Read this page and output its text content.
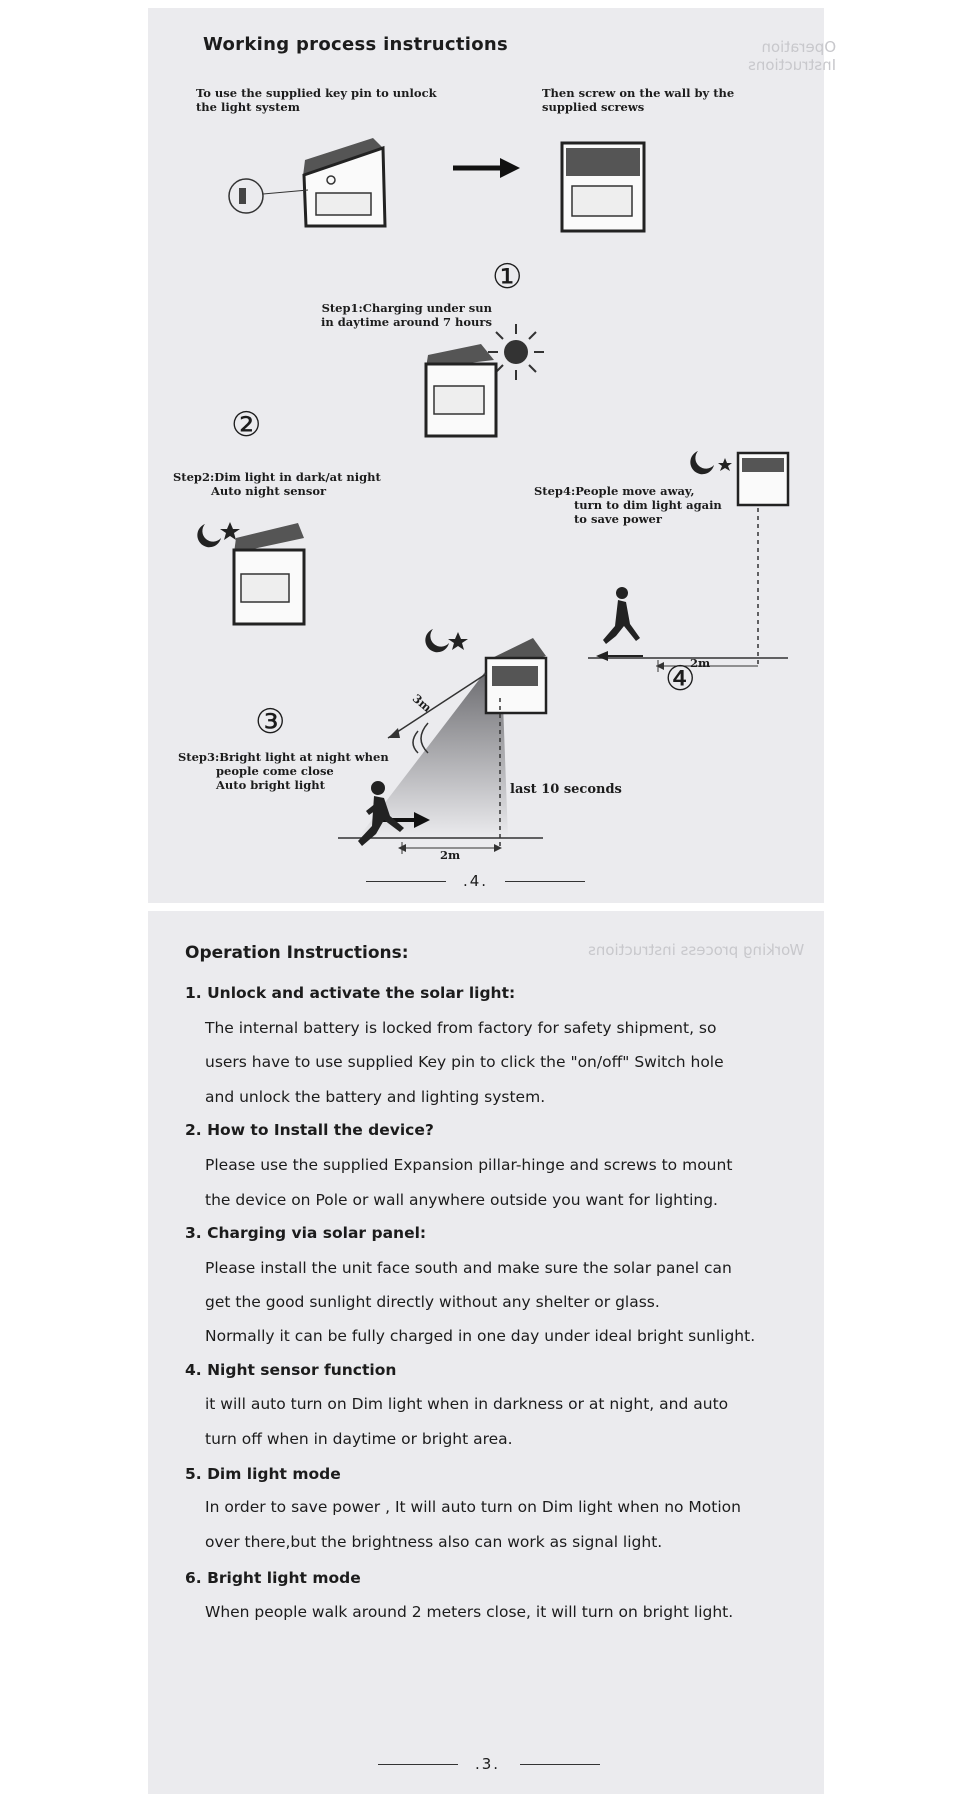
Operation Instructions
Working process instructions
To use the supplied key pin to unlock
the light system
Then screw on the wall by the
supplied screws
①
Step1:Charging under sun
in daytime around 7 hours
②
Step2:Dim light in dark/at night
Auto night sensor	Step4:People move away,
turn to dim light again
to save power
④
③
Step3:Bright light at night when
people come close
Auto bright light
3m
2m
2m
last 10 seconds
.4.
Working process instructions
Operation Instructions:
1. Unlock and activate the solar light:
The internal battery is locked from factory for safety shipment, so
users have to use supplied Key pin to click the "on/off" Switch hole
and unlock the battery and lighting system.
2. How to Install the device?
Please use the supplied Expansion pillar-hinge and screws to mount
the device on Pole or wall anywhere outside you want for lighting.
3. Charging via solar panel:
Please install the unit face south and make sure the solar panel can
get the good sunlight directly without any shelter or glass.
Normally it can be fully charged in one day under ideal bright sunlight.
4. Night sensor function
it will auto turn on Dim light when in darkness or at night, and auto
turn off when in daytime or bright area.
5. Dim light mode
In order to save power , It will auto turn on Dim light when no Motion
over there,but the brightness also can work as signal light.
6. Bright light mode
When people walk around 2 meters close, it will turn on bright light.
.3.
